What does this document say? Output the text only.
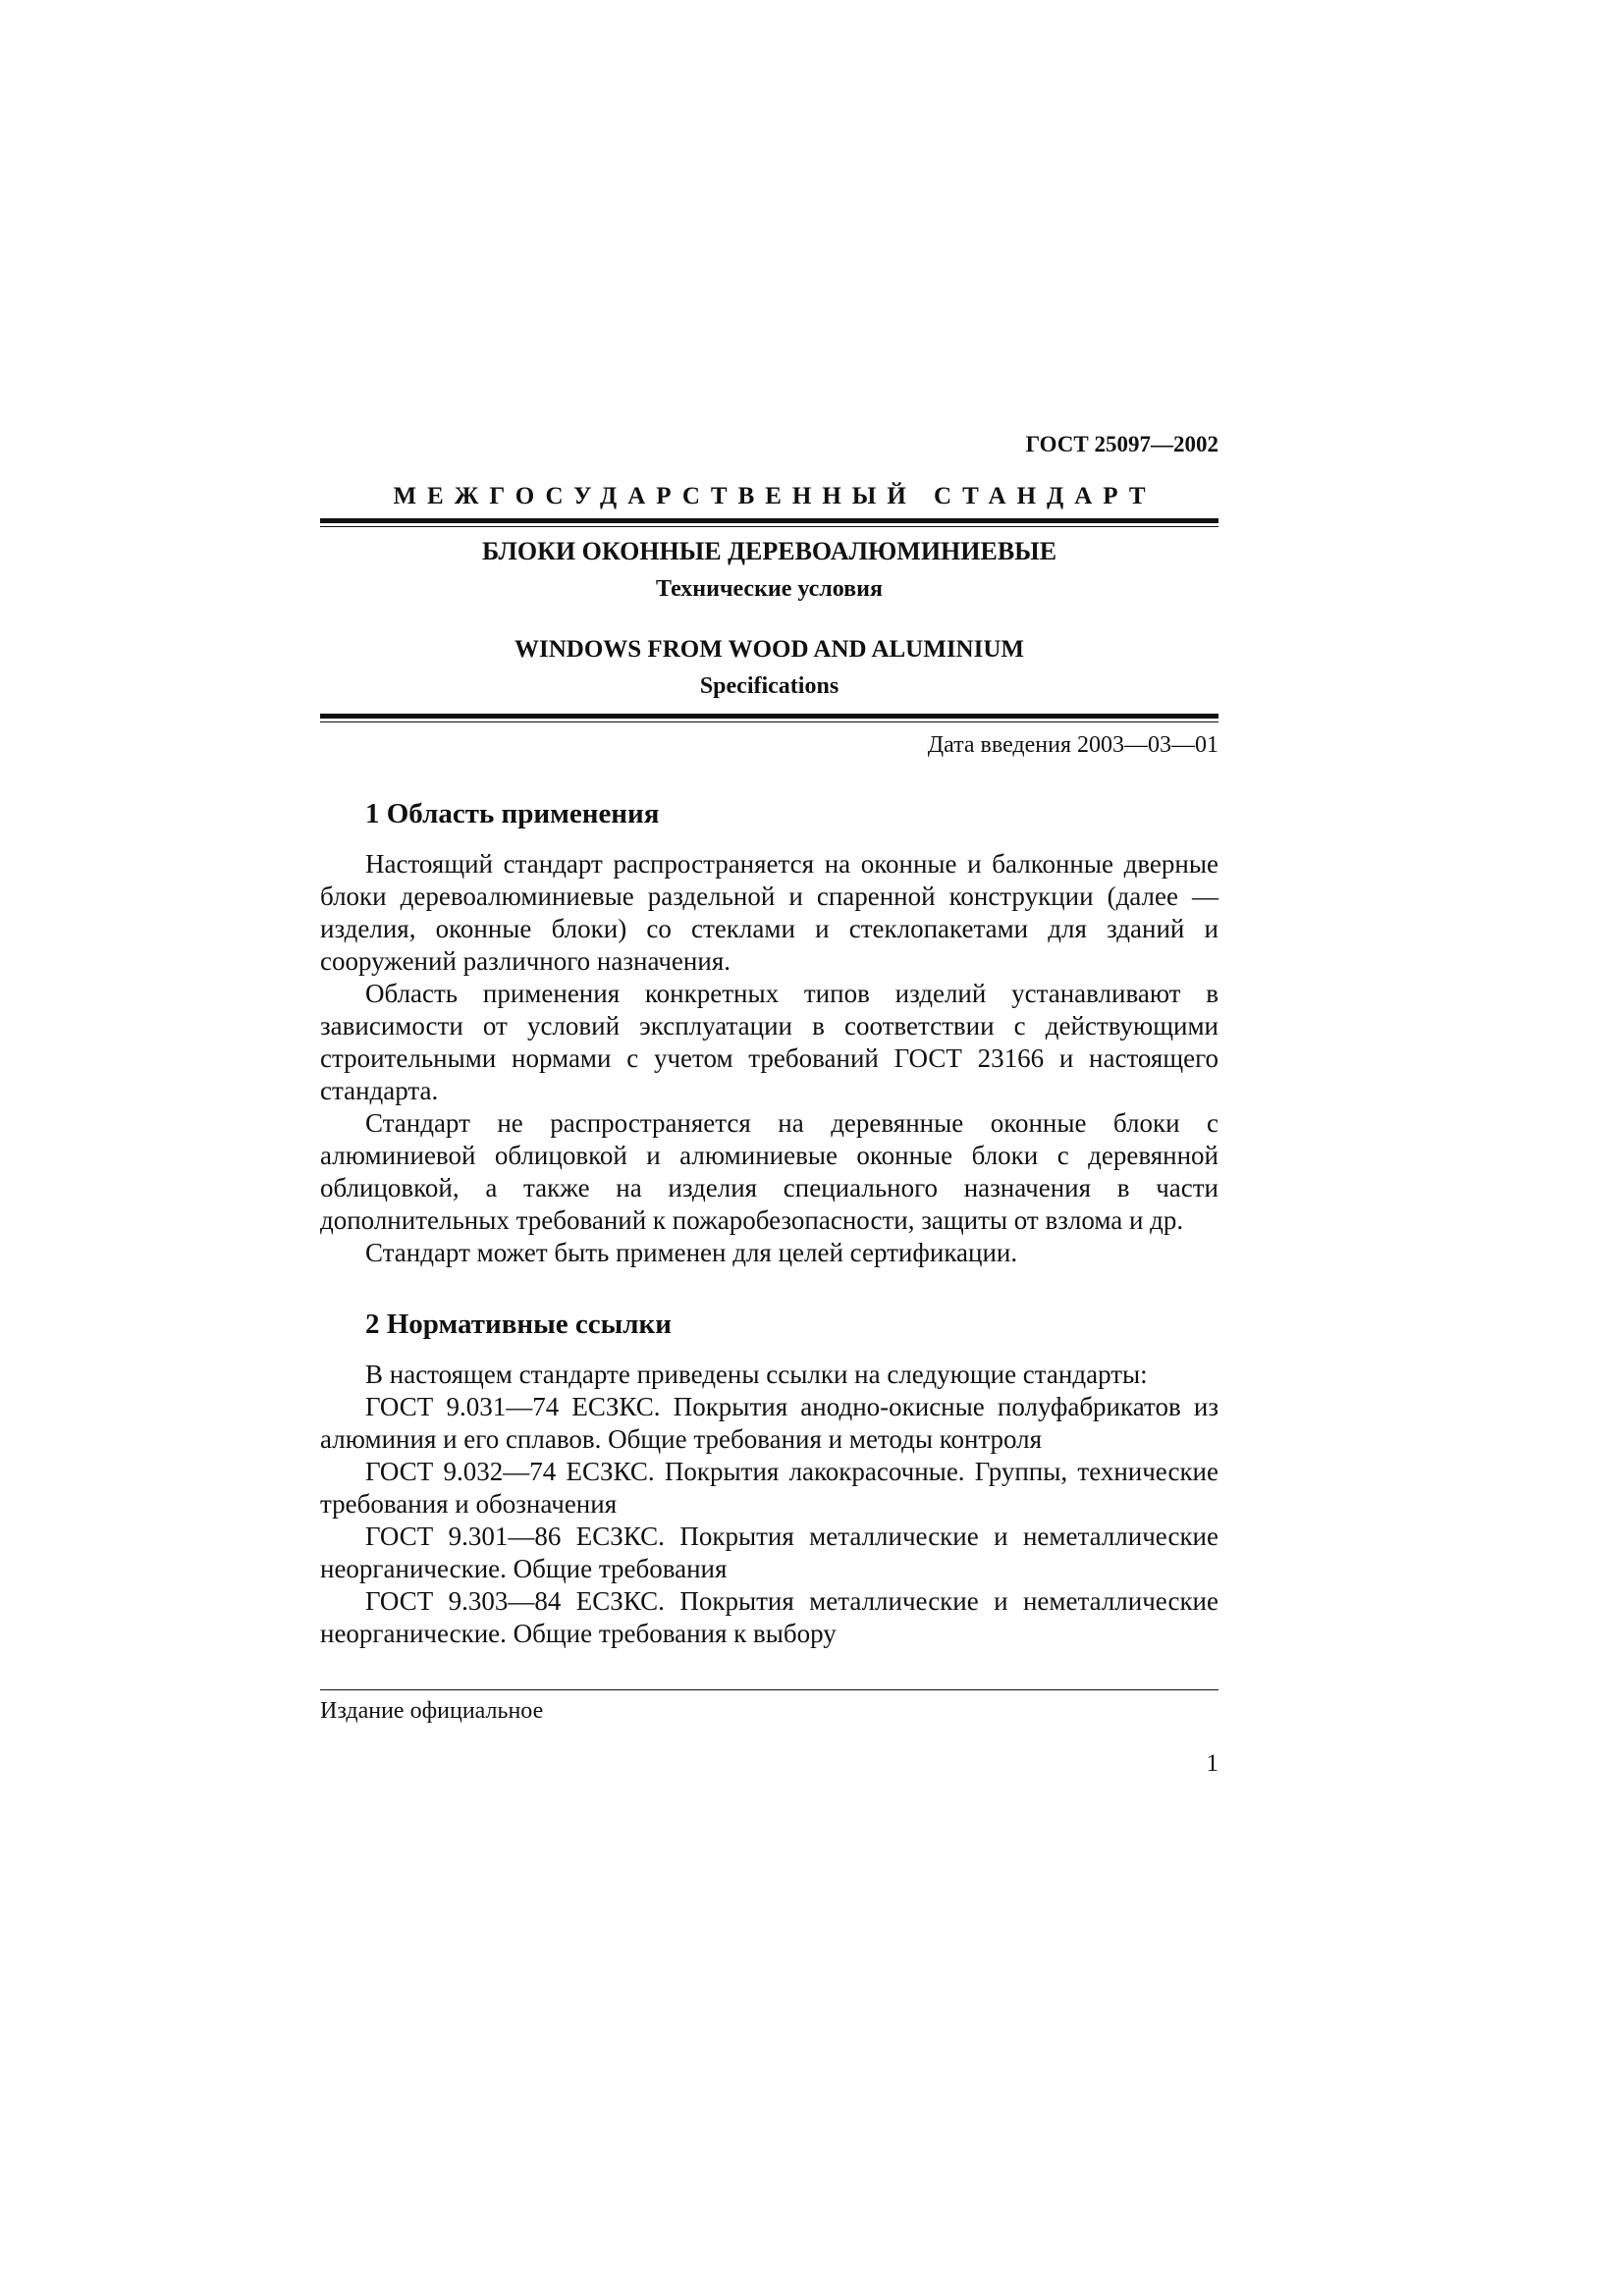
ГОСТ 25097—2002
МЕЖГОСУДАРСТВЕННЫЙ СТАНДАРТ
БЛОКИ ОКОННЫЕ ДЕРЕВОАЛЮМИНИЕВЫЕ
Технические условия
WINDOWS FROM WOOD AND ALUMINIUM
Specifications
Дата введения 2003—03—01
1 Область применения

Настоящий стандарт распространяется на оконные и балконные дверные блоки деревоалюминиевые раздельной и спаренной конструкции (далее — изделия, оконные блоки) со стеклами и стеклопакетами для зданий и сооружений различного назначения.

Область применения конкретных типов изделий устанавливают в зависимости от условий эксплуатации в соответствии с действующими строительными нормами с учетом требований ГОСТ 23166 и настоящего стандарта.

Стандарт не распространяется на деревянные оконные блоки с алюминиевой облицовкой и алюминиевые оконные блоки с деревянной облицовкой, а также на изделия специального назначения в части дополнительных требований к пожаробезопасности, защиты от взлома и др.

Стандарт может быть применен для целей сертификации.

2 Нормативные ссылки

В настоящем стандарте приведены ссылки на следующие стандарты:

ГОСТ 9.031—74 ЕСЗКС. Покрытия анодно-окисные полуфабрикатов из алюминия и его сплавов. Общие требования и методы контроля

ГОСТ 9.032—74 ЕСЗКС. Покрытия лакокрасочные. Группы, технические требования и обозначения

ГОСТ 9.301—86 ЕСЗКС. Покрытия металлические и неметаллические неорганические. Общие требования

ГОСТ 9.303—84 ЕСЗКС. Покрытия металлические и неметаллические неорганические. Общие требования к выбору

Издание официальное
1
